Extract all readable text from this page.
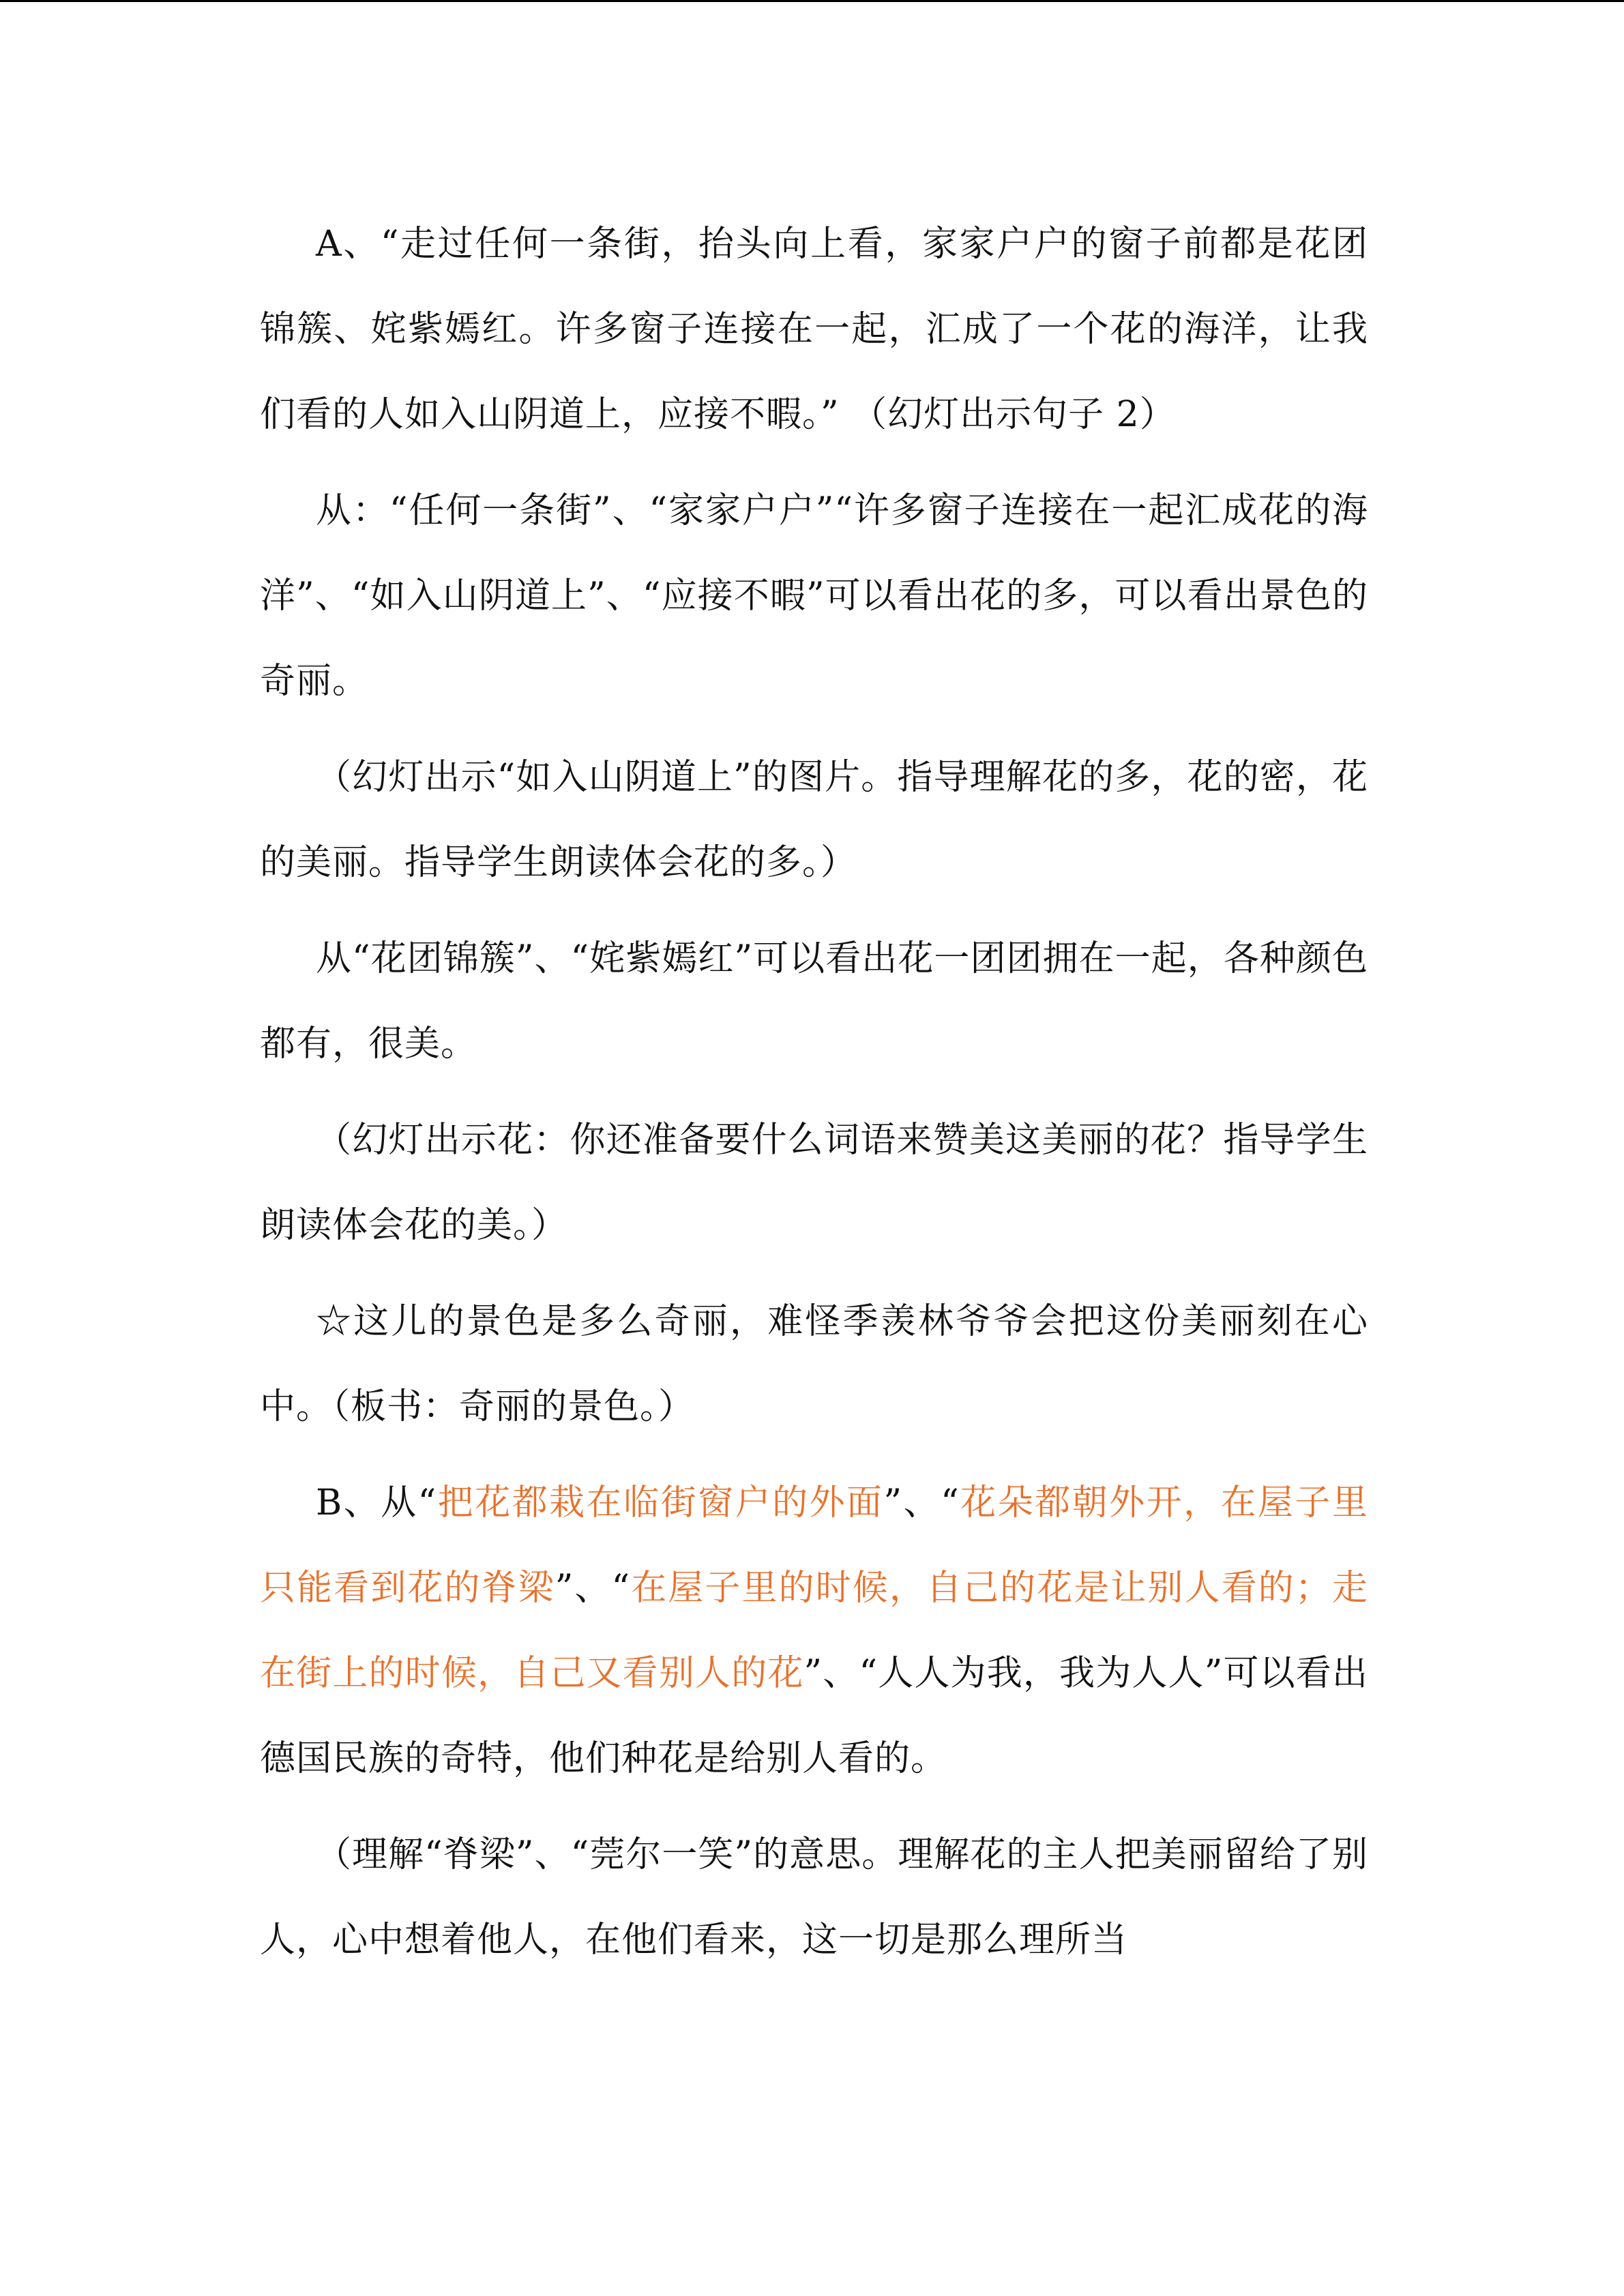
A、“走过任何一条街，抬头向上看，家家户户的窗子前都是花团锦簇、姹紫嫣红。许多窗子连接在一起，汇成了一个花的海洋，让我们看的人如入山阴道上，应接不暇。” （幻灯出示句子 2）

从：“任何一条街”、“家家户户”“许多窗子连接在一起汇成花的海洋”、“如入山阴道上”、“应接不暇”可以看出花的多，可以看出景色的奇丽。

（幻灯出示“如入山阴道上”的图片。指导理解花的多，花的密，花的美丽。指导学生朗读体会花的多。）

从“花团锦簇”、“姹紫嫣红”可以看出花一团团拥在一起，各种颜色都有，很美。

（幻灯出示花：你还准备要什么词语来赞美这美丽的花？指导学生朗读体会花的美。）

☆这儿的景色是多么奇丽，难怪季羡林爷爷会把这份美丽刻在心中。（板书：奇丽的景色。）

B、从“把花都栽在临街窗户的外面”、“花朵都朝外开，在屋子里只能看到花的脊梁”、“在屋子里的时候，自己的花是让别人看的；走在街上的时候，自己又看别人的花”、“人人为我，我为人人”可以看出德国民族的奇特，他们种花是给别人看的。

（理解“脊梁”、“莞尔一笑”的意思。理解花的主人把美丽留给了别人，心中想着他人，在他们看来，这一切是那么理所当
